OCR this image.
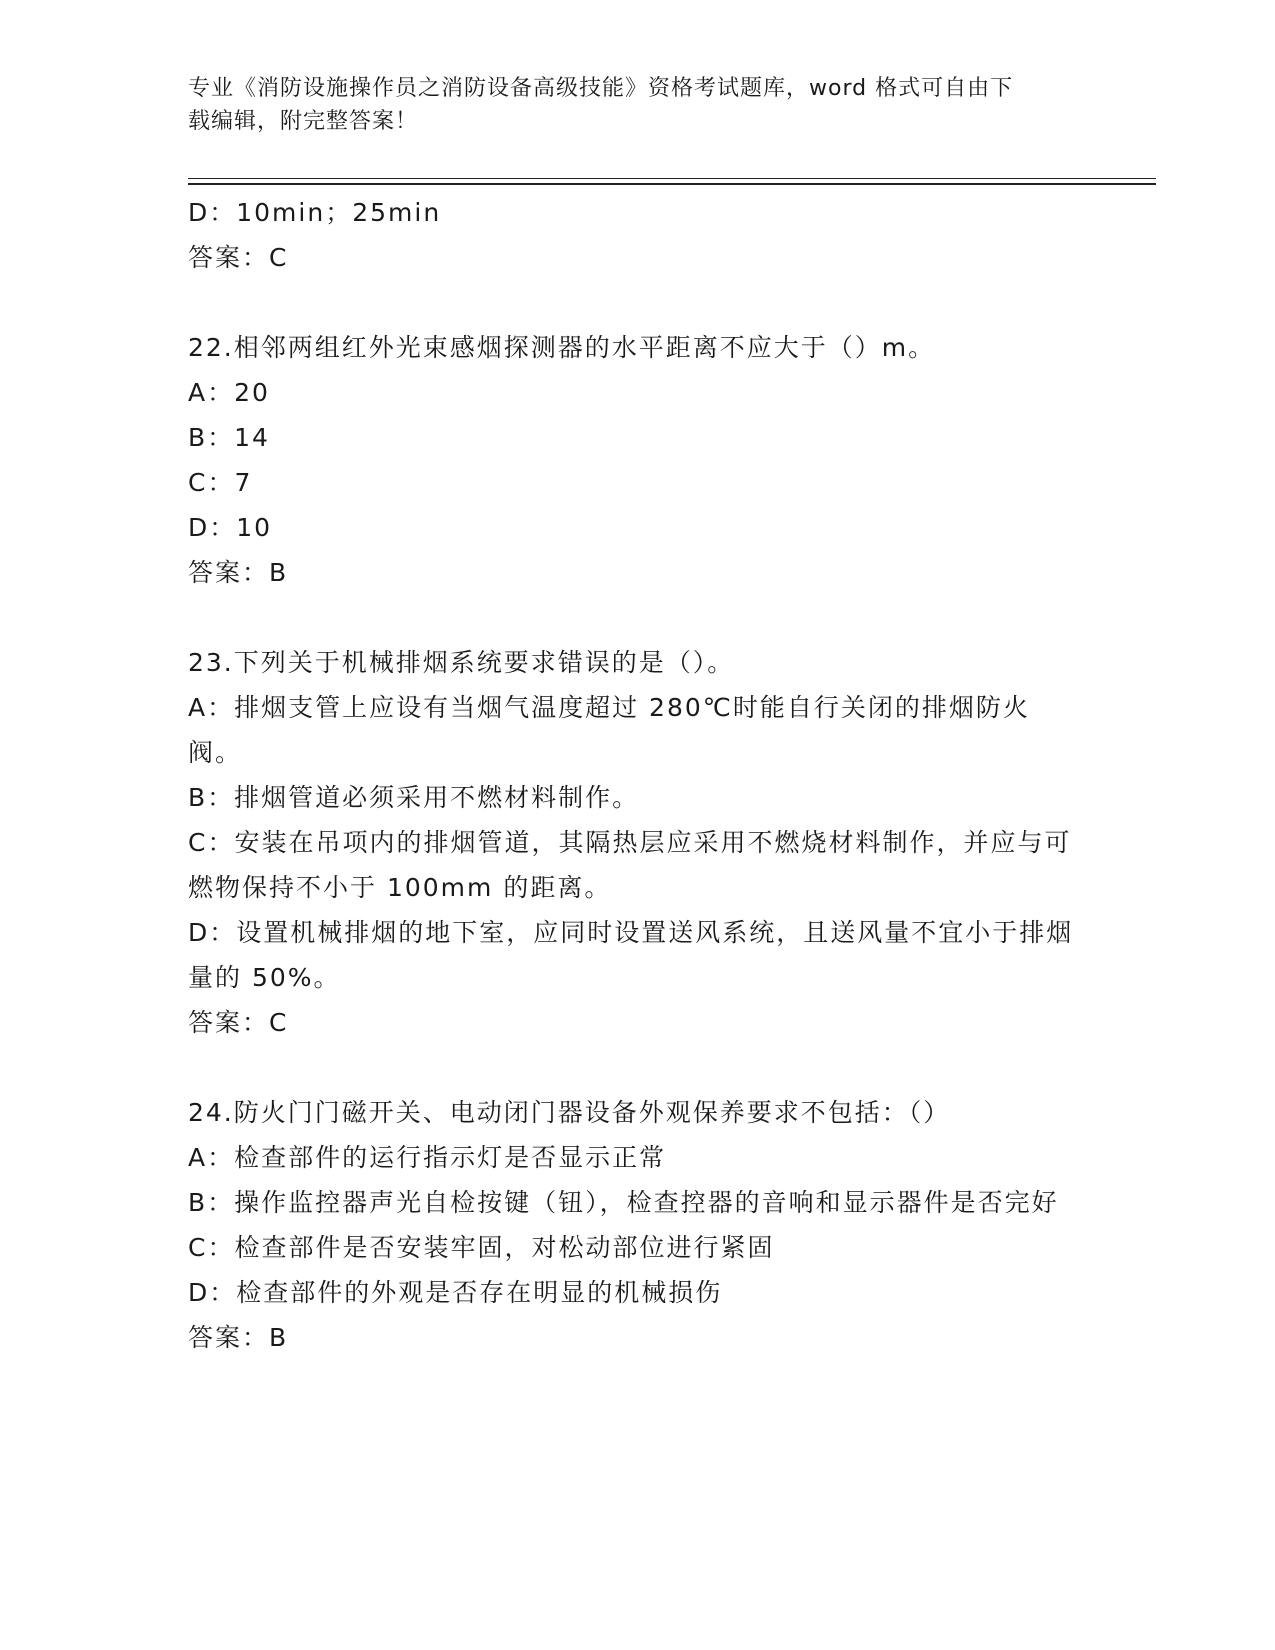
专业《消防设施操作员之消防设备高级技能》资格考试题库，word 格式可自由下
载编辑，附完整答案！
D：10min；25min
答案：C
22.相邻两组红外光束感烟探测器的水平距离不应大于（）m。
A：20
B：14
C：7
D：10
答案：B
23.下列关于机械排烟系统要求错误的是（）。
A：排烟支管上应设有当烟气温度超过 280℃时能自行关闭的排烟防火阀。
B：排烟管道必须采用不燃材料制作。
C：安装在吊项内的排烟管道，其隔热层应采用不燃烧材料制作，并应与可燃物保持不小于 100mm 的距离。
D：设置机械排烟的地下室，应同时设置送风系统，且送风量不宜小于排烟量的 50%。
答案：C
24.防火门门磁开关、电动闭门器设备外观保养要求不包括：（）
A：检查部件的运行指示灯是否显示正常
B：操作监控器声光自检按键（钮），检查控器的音响和显示器件是否完好
C：检查部件是否安装牢固，对松动部位进行紧固
D：检查部件的外观是否存在明显的机械损伤
答案：B
